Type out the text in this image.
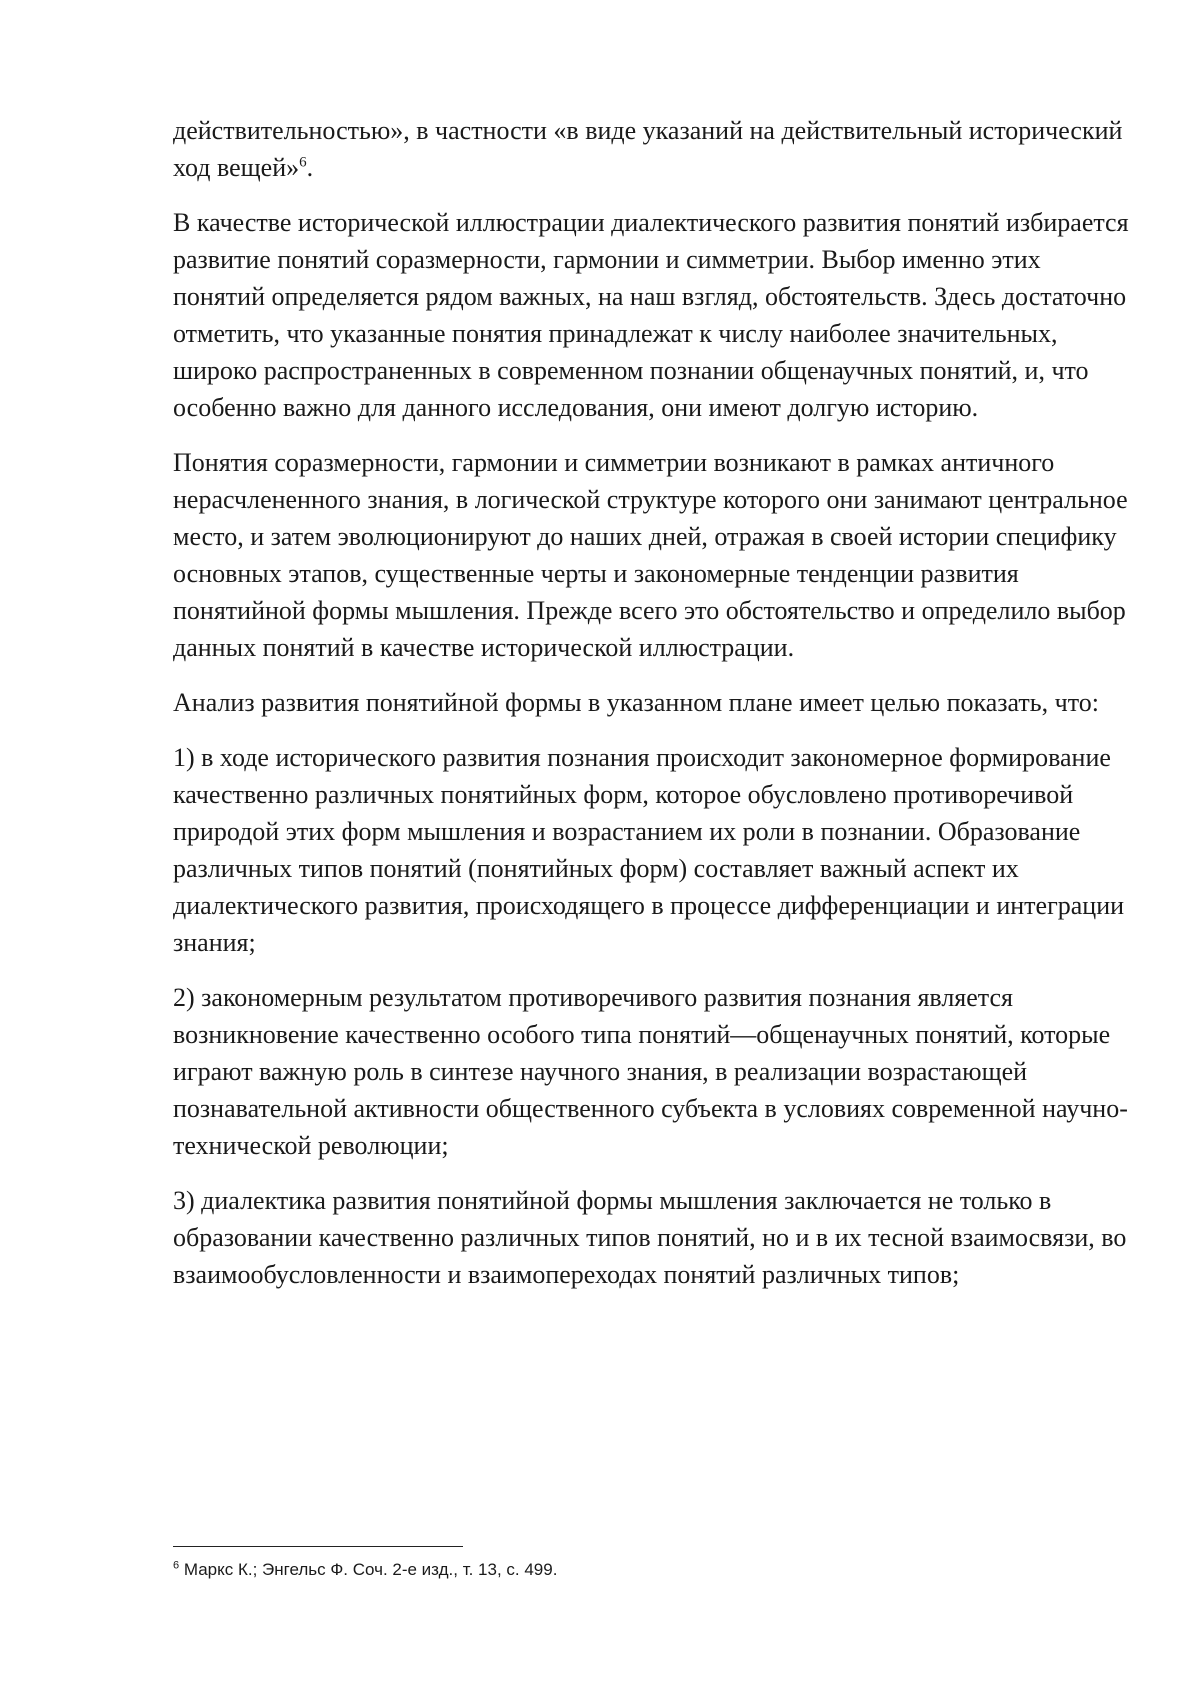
действительностью», в частности «в виде указаний на действительный исторический ход вещей»$^6$.

В качестве исторической иллюстрации диалектического развития понятий избирается развитие понятий соразмерности, гармонии и симметрии. Выбор именно этих понятий определяется рядом важных, на наш взгляд, обстоятельств. Здесь достаточно отметить, что указанные понятия принадлежат к числу наиболее значительных, широко распространенных в современном познании общенаучных понятий, и, что особенно важно для данного исследования, они имеют долгую историю.

Понятия соразмерности, гармонии и симметрии возникают в рамках античного нерасчлененного знания, в логической структуре которого они занимают центральное место, и затем эволюционируют до наших дней, отражая в своей истории специфику основных этапов, существенные черты и закономерные тенденции развития понятийной формы мышления. Прежде всего это обстоятельство и определило выбор данных понятий в качестве исторической иллюстрации.

Анализ развития понятийной формы в указанном плане имеет целью показать, что:

1) в ходе исторического развития познания происходит закономерное формирование качественно различных понятийных форм, которое обусловлено противоречивой природой этих форм мышления и возрастанием их роли в познании. Образование различных типов понятий (понятийных форм) составляет важный аспект их диалектического развития, происходящего в процессе дифференциации и интеграции знания;

2) закономерным результатом противоречивого развития познания является возникновение качественно особого типа понятий—общенаучных понятий, которые играют важную роль в синтезе научного знания, в реализации возрастающей познавательной активности общественного субъекта в условиях современной научно-технической революции;

3) диалектика развития понятийной формы мышления заключается не только в образовании качественно различных типов понятий, но и в их тесной взаимосвязи, во взаимообусловленности и взаимопереходах понятий различных типов;

$^6$ Маркс К.; Энгельс Ф. Соч. 2-е изд., т. 13, с. 499.
